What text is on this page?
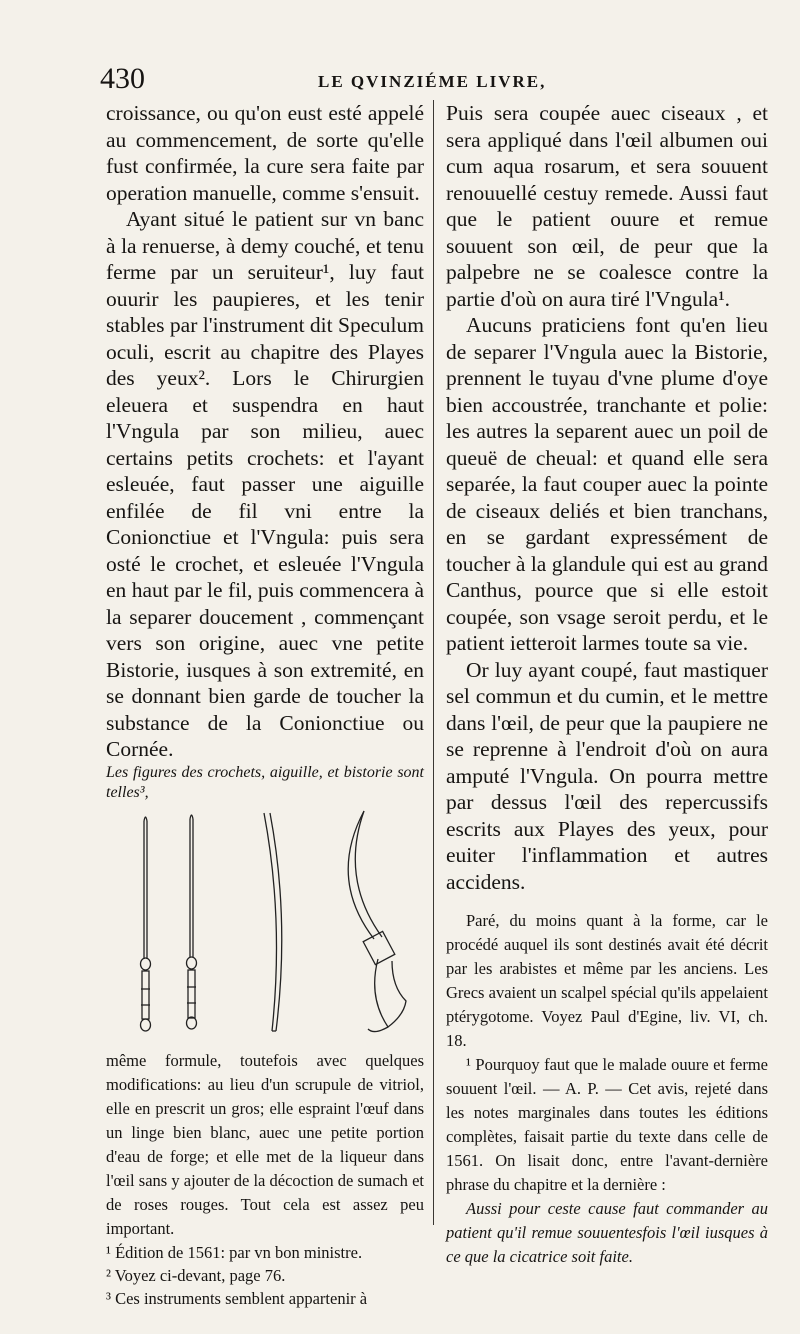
430	LE QVINZIÉME LIVRE,

croissance, ou qu'on eust esté appelé au commencement, de sorte qu'elle fust confirmée, la cure sera faite par operation manuelle, comme s'ensuit.

Ayant situé le patient sur vn banc à la renuerse, à demy couché, et tenu ferme par un seruiteur¹, luy faut ouurir les paupieres, et les tenir stables par l'instrument dit Speculum oculi, escrit au chapitre des Playes des yeux². Lors le Chirurgien eleuera et suspendra en haut l'Vngula par son milieu, auec certains petits crochets: et l'ayant esleuée, faut passer une aiguille enfilée de fil vni entre la Conionctiue et l'Vngula: puis sera osté le crochet, et esleuée l'Vngula en haut par le fil, puis commencera à la separer doucement , commençant vers son origine, auec vne petite Bistorie, iusques à son extremité, en se donnant bien garde de toucher la substance de la Conionctiue ou Cornée.

Les figures des crochets, aiguille, et bistorie sont telles³,

même formule, toutefois avec quelques modifications: au lieu d'un scrupule de vitriol, elle en prescrit un gros; elle espraint l'œuf dans un linge bien blanc, auec une petite portion d'eau de forge; et elle met de la liqueur dans l'œil sans y ajouter de la décoction de sumach et de roses rouges. Tout cela est assez peu important.

¹ Édition de 1561: par vn bon ministre.

² Voyez ci-devant, page 76.

³ Ces instruments semblent appartenir à

Puis sera coupée auec ciseaux , et sera appliqué dans l'œil albumen oui cum aqua rosarum, et sera souuent renouuellé cestuy remede. Aussi faut que le patient ouure et remue souuent son œil, de peur que la palpebre ne se coalesce contre la partie d'où on aura tiré l'Vngula¹.

Aucuns praticiens font qu'en lieu de separer l'Vngula auec la Bistorie, prennent le tuyau d'vne plume d'oye bien accoustrée, tranchante et polie: les autres la separent auec un poil de queuë de cheual: et quand elle sera separée, la faut couper auec la pointe de ciseaux deliés et bien tranchans, en se gardant expressément de toucher à la glandule qui est au grand Canthus, pource que si elle estoit coupée, son vsage seroit perdu, et le patient ietteroit larmes toute sa vie.

Or luy ayant coupé, faut mastiquer sel commun et du cumin, et le mettre dans l'œil, de peur que la paupiere ne se reprenne à l'endroit d'où on aura amputé l'Vngula. On pourra mettre par dessus l'œil des repercussifs escrits aux Playes des yeux, pour euiter l'inflammation et autres accidens.

Paré, du moins quant à la forme, car le procédé auquel ils sont destinés avait été décrit par les arabistes et même par les anciens. Les Grecs avaient un scalpel spécial qu'ils appelaient ptérygotome. Voyez Paul d'Egine, liv. VI, ch. 18.

¹ Pourquoy faut que le malade ouure et ferme souuent l'œil. — A. P. — Cet avis, rejeté dans les notes marginales dans toutes les éditions complètes, faisait partie du texte dans celle de 1561. On lisait donc, entre l'avant-dernière phrase du chapitre et la dernière :

Aussi pour ceste cause faut commander au patient qu'il remue souuentesfois l'œil iusques à ce que la cicatrice soit faite.
